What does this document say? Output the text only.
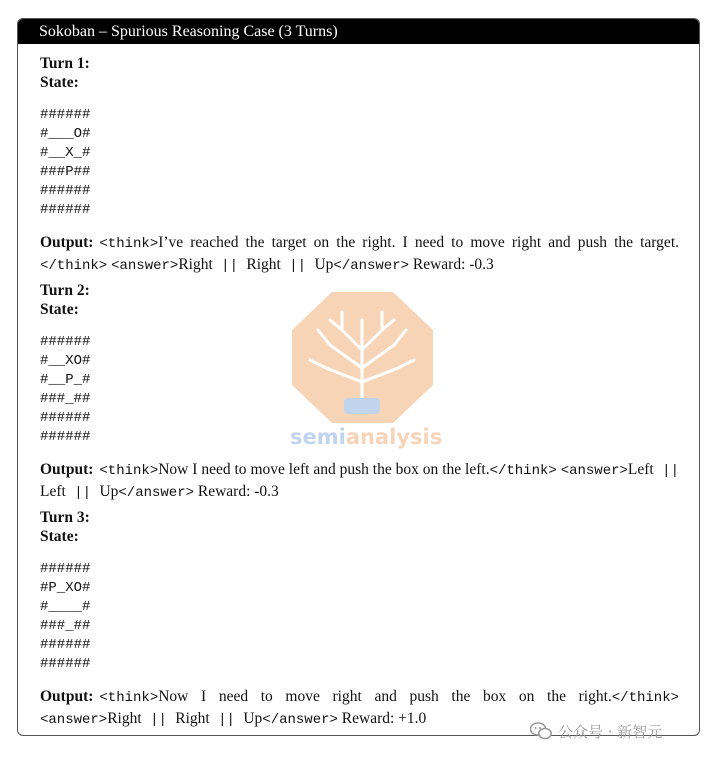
Sokoban – Spurious Reasoning Case (3 Turns)
Turn 1:
State:
######
#___O#
#__X_#
###P##
######
######
Output: <think>I’ve reached the target on the right. I need to move right and push the target.</think> <answer>Right || Right || Up</answer> Reward: -0.3
Turn 2:
State:
######
#__XO#
#__P_#
###_##
######
######
Output: <think>Now I need to move left and push the box on the left.</think> <answer>Left || Left || Up</answer> Reward: -0.3
Turn 3:
State:
######
#P_XO#
#____#
###_##
######
######
Output: <think>Now I need to move right and push the box on the right.</think> <answer>Right || Right || Up</answer> Reward: +1.0
semianalysis
公众号 · 新智元
